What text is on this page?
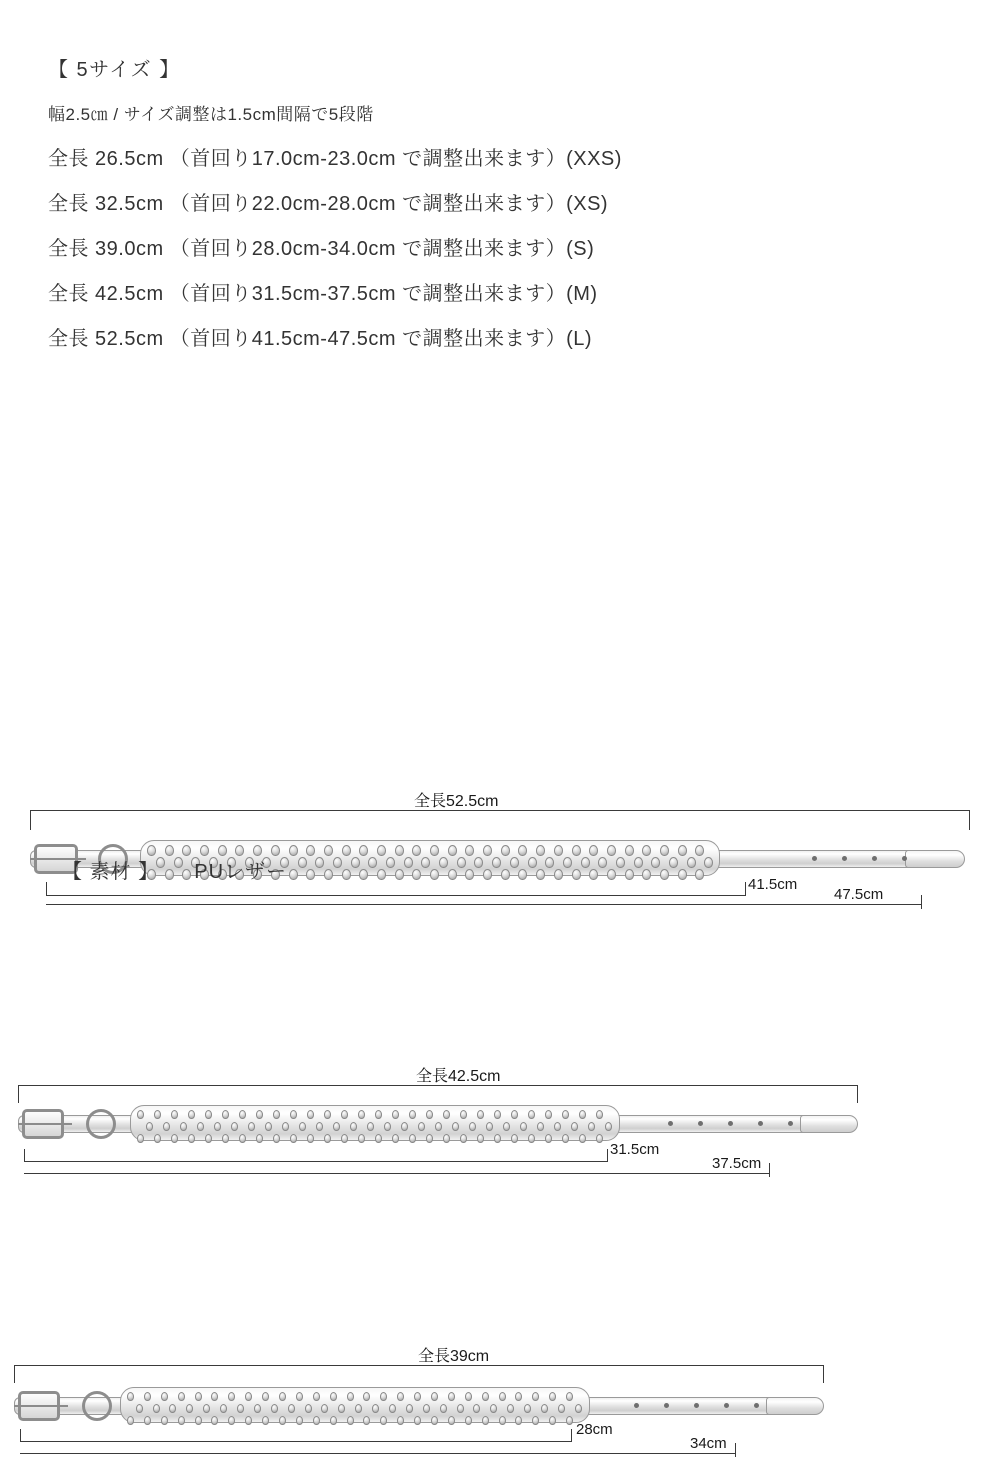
【 5サイズ 】
幅2.5㎝ / サイズ調整は1.5cm間隔で5段階
全長 26.5cm （首回り17.0cm-23.0cm で調整出来ます）(XXS)
全長 32.5cm （首回り22.0cm-28.0cm で調整出来ます）(XS)
全長 39.0cm （首回り28.0cm-34.0cm で調整出来ます）(S)
全長 42.5cm （首回り31.5cm-37.5cm で調整出来ます）(M)
全長 52.5cm （首回り41.5cm-47.5cm で調整出来ます）(L)
全長52.5cm
41.5cm
47.5cm
全長42.5cm
31.5cm
37.5cm
全長39cm
28cm
34cm
【 素材 】 PUレザー
